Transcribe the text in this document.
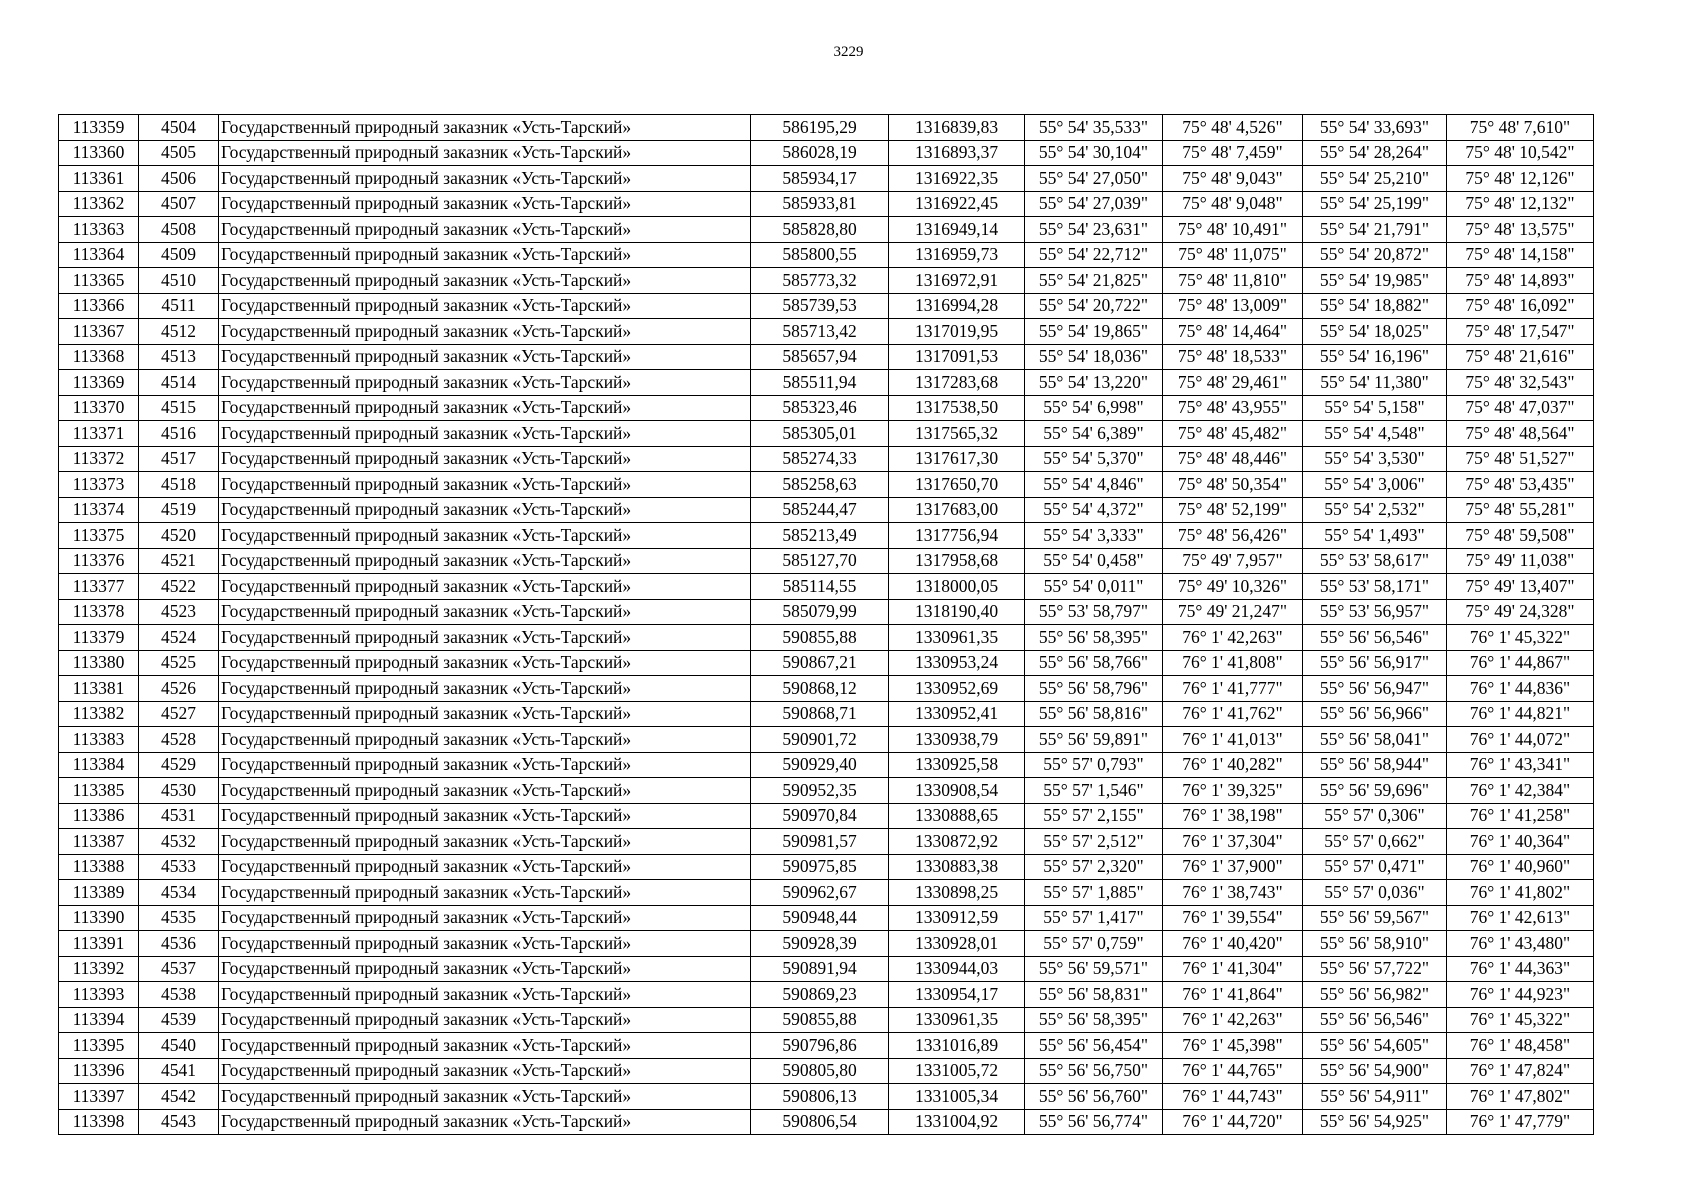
3229
113359	4504	Государственный природный заказник «Усть-Тарский»	586195,29	1316839,83	55° 54' 35,533"	75° 48' 4,526"	55° 54' 33,693"	75° 48' 7,610"
113360	4505	Государственный природный заказник «Усть-Тарский»	586028,19	1316893,37	55° 54' 30,104"	75° 48' 7,459"	55° 54' 28,264"	75° 48' 10,542"
113361	4506	Государственный природный заказник «Усть-Тарский»	585934,17	1316922,35	55° 54' 27,050"	75° 48' 9,043"	55° 54' 25,210"	75° 48' 12,126"
113362	4507	Государственный природный заказник «Усть-Тарский»	585933,81	1316922,45	55° 54' 27,039"	75° 48' 9,048"	55° 54' 25,199"	75° 48' 12,132"
113363	4508	Государственный природный заказник «Усть-Тарский»	585828,80	1316949,14	55° 54' 23,631"	75° 48' 10,491"	55° 54' 21,791"	75° 48' 13,575"
113364	4509	Государственный природный заказник «Усть-Тарский»	585800,55	1316959,73	55° 54' 22,712"	75° 48' 11,075"	55° 54' 20,872"	75° 48' 14,158"
113365	4510	Государственный природный заказник «Усть-Тарский»	585773,32	1316972,91	55° 54' 21,825"	75° 48' 11,810"	55° 54' 19,985"	75° 48' 14,893"
113366	4511	Государственный природный заказник «Усть-Тарский»	585739,53	1316994,28	55° 54' 20,722"	75° 48' 13,009"	55° 54' 18,882"	75° 48' 16,092"
113367	4512	Государственный природный заказник «Усть-Тарский»	585713,42	1317019,95	55° 54' 19,865"	75° 48' 14,464"	55° 54' 18,025"	75° 48' 17,547"
113368	4513	Государственный природный заказник «Усть-Тарский»	585657,94	1317091,53	55° 54' 18,036"	75° 48' 18,533"	55° 54' 16,196"	75° 48' 21,616"
113369	4514	Государственный природный заказник «Усть-Тарский»	585511,94	1317283,68	55° 54' 13,220"	75° 48' 29,461"	55° 54' 11,380"	75° 48' 32,543"
113370	4515	Государственный природный заказник «Усть-Тарский»	585323,46	1317538,50	55° 54' 6,998"	75° 48' 43,955"	55° 54' 5,158"	75° 48' 47,037"
113371	4516	Государственный природный заказник «Усть-Тарский»	585305,01	1317565,32	55° 54' 6,389"	75° 48' 45,482"	55° 54' 4,548"	75° 48' 48,564"
113372	4517	Государственный природный заказник «Усть-Тарский»	585274,33	1317617,30	55° 54' 5,370"	75° 48' 48,446"	55° 54' 3,530"	75° 48' 51,527"
113373	4518	Государственный природный заказник «Усть-Тарский»	585258,63	1317650,70	55° 54' 4,846"	75° 48' 50,354"	55° 54' 3,006"	75° 48' 53,435"
113374	4519	Государственный природный заказник «Усть-Тарский»	585244,47	1317683,00	55° 54' 4,372"	75° 48' 52,199"	55° 54' 2,532"	75° 48' 55,281"
113375	4520	Государственный природный заказник «Усть-Тарский»	585213,49	1317756,94	55° 54' 3,333"	75° 48' 56,426"	55° 54' 1,493"	75° 48' 59,508"
113376	4521	Государственный природный заказник «Усть-Тарский»	585127,70	1317958,68	55° 54' 0,458"	75° 49' 7,957"	55° 53' 58,617"	75° 49' 11,038"
113377	4522	Государственный природный заказник «Усть-Тарский»	585114,55	1318000,05	55° 54' 0,011"	75° 49' 10,326"	55° 53' 58,171"	75° 49' 13,407"
113378	4523	Государственный природный заказник «Усть-Тарский»	585079,99	1318190,40	55° 53' 58,797"	75° 49' 21,247"	55° 53' 56,957"	75° 49' 24,328"
113379	4524	Государственный природный заказник «Усть-Тарский»	590855,88	1330961,35	55° 56' 58,395"	76° 1' 42,263"	55° 56' 56,546"	76° 1' 45,322"
113380	4525	Государственный природный заказник «Усть-Тарский»	590867,21	1330953,24	55° 56' 58,766"	76° 1' 41,808"	55° 56' 56,917"	76° 1' 44,867"
113381	4526	Государственный природный заказник «Усть-Тарский»	590868,12	1330952,69	55° 56' 58,796"	76° 1' 41,777"	55° 56' 56,947"	76° 1' 44,836"
113382	4527	Государственный природный заказник «Усть-Тарский»	590868,71	1330952,41	55° 56' 58,816"	76° 1' 41,762"	55° 56' 56,966"	76° 1' 44,821"
113383	4528	Государственный природный заказник «Усть-Тарский»	590901,72	1330938,79	55° 56' 59,891"	76° 1' 41,013"	55° 56' 58,041"	76° 1' 44,072"
113384	4529	Государственный природный заказник «Усть-Тарский»	590929,40	1330925,58	55° 57' 0,793"	76° 1' 40,282"	55° 56' 58,944"	76° 1' 43,341"
113385	4530	Государственный природный заказник «Усть-Тарский»	590952,35	1330908,54	55° 57' 1,546"	76° 1' 39,325"	55° 56' 59,696"	76° 1' 42,384"
113386	4531	Государственный природный заказник «Усть-Тарский»	590970,84	1330888,65	55° 57' 2,155"	76° 1' 38,198"	55° 57' 0,306"	76° 1' 41,258"
113387	4532	Государственный природный заказник «Усть-Тарский»	590981,57	1330872,92	55° 57' 2,512"	76° 1' 37,304"	55° 57' 0,662"	76° 1' 40,364"
113388	4533	Государственный природный заказник «Усть-Тарский»	590975,85	1330883,38	55° 57' 2,320"	76° 1' 37,900"	55° 57' 0,471"	76° 1' 40,960"
113389	4534	Государственный природный заказник «Усть-Тарский»	590962,67	1330898,25	55° 57' 1,885"	76° 1' 38,743"	55° 57' 0,036"	76° 1' 41,802"
113390	4535	Государственный природный заказник «Усть-Тарский»	590948,44	1330912,59	55° 57' 1,417"	76° 1' 39,554"	55° 56' 59,567"	76° 1' 42,613"
113391	4536	Государственный природный заказник «Усть-Тарский»	590928,39	1330928,01	55° 57' 0,759"	76° 1' 40,420"	55° 56' 58,910"	76° 1' 43,480"
113392	4537	Государственный природный заказник «Усть-Тарский»	590891,94	1330944,03	55° 56' 59,571"	76° 1' 41,304"	55° 56' 57,722"	76° 1' 44,363"
113393	4538	Государственный природный заказник «Усть-Тарский»	590869,23	1330954,17	55° 56' 58,831"	76° 1' 41,864"	55° 56' 56,982"	76° 1' 44,923"
113394	4539	Государственный природный заказник «Усть-Тарский»	590855,88	1330961,35	55° 56' 58,395"	76° 1' 42,263"	55° 56' 56,546"	76° 1' 45,322"
113395	4540	Государственный природный заказник «Усть-Тарский»	590796,86	1331016,89	55° 56' 56,454"	76° 1' 45,398"	55° 56' 54,605"	76° 1' 48,458"
113396	4541	Государственный природный заказник «Усть-Тарский»	590805,80	1331005,72	55° 56' 56,750"	76° 1' 44,765"	55° 56' 54,900"	76° 1' 47,824"
113397	4542	Государственный природный заказник «Усть-Тарский»	590806,13	1331005,34	55° 56' 56,760"	76° 1' 44,743"	55° 56' 54,911"	76° 1' 47,802"
113398	4543	Государственный природный заказник «Усть-Тарский»	590806,54	1331004,92	55° 56' 56,774"	76° 1' 44,720"	55° 56' 54,925"	76° 1' 47,779"
